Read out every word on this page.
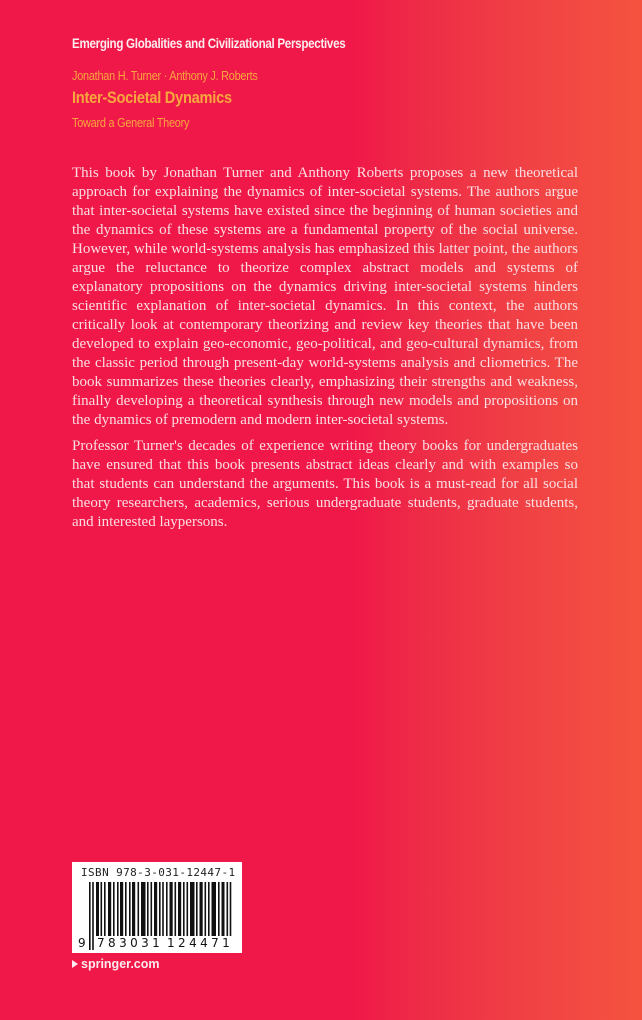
Emerging Globalities and Civilizational Perspectives
Jonathan H. Turner · Anthony J. Roberts
Inter-Societal Dynamics
Toward a General Theory

This book by Jonathan Turner and Anthony Roberts proposes a new theoretical approach for explaining the dynamics of inter-societal systems. The authors argue that inter-societal systems have existed since the beginning of human societies and the dynamics of these systems are a fundamental property of the social universe. However, while world-systems analysis has emphasized this latter point, the authors argue the reluctance to theorize complex abstract models and systems of explanatory propositions on the dynamics driving inter-societal systems hinders scientific explanation of inter-societal dynamics. In this context, the authors critically look at contemporary theorizing and review key theories that have been developed to explain geo-economic, geo-political, and geo-cultural dynamics, from the classic period through present-day world-systems analysis and cliometrics. The book summarizes these theories clearly, emphasizing their strengths and weakness, finally developing a theoretical synthesis through new models and propositions on the dynamics of premodern and modern inter-societal systems.

Professor Turner's decades of experience writing theory books for undergraduates have ensured that this book presents abstract ideas clearly and with examples so that students can understand the arguments. This book is a must-read for all social theory researchers, academics, serious undergraduate students, graduate students, and interested laypersons.

ISBN 978-3-031-12447-1
9 783031 124471
springer.com
